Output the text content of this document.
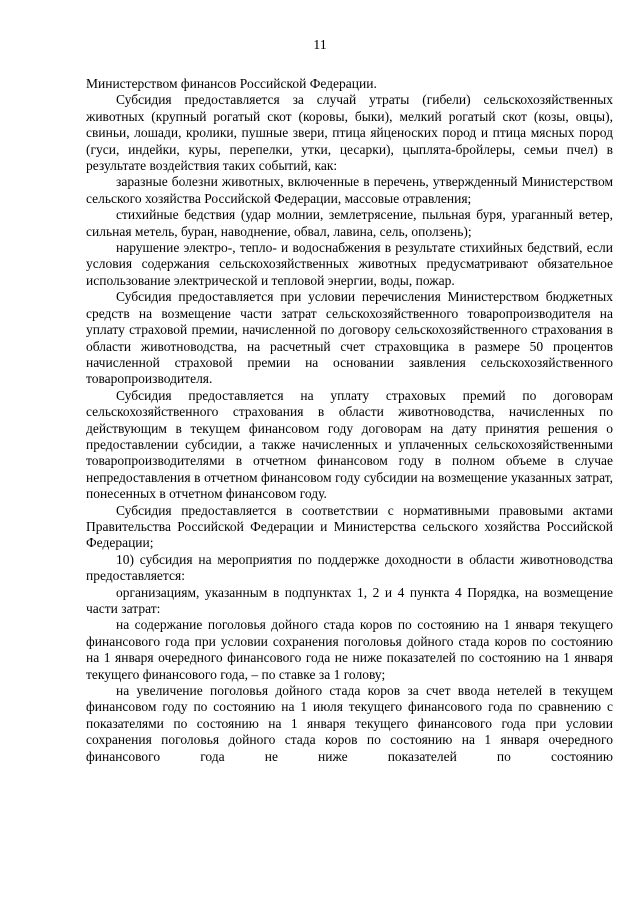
11

Министерством финансов Российской Федерации.

Субсидия предоставляется за случай утраты (гибели) сельскохозяйственных животных (крупный рогатый скот (коровы, быки), мелкий рогатый скот (козы, овцы), свиньи, лошади, кролики, пушные звери, птица яйценоских пород и птица мясных пород (гуси, индейки, куры, перепелки, утки, цесарки), цыплята-бройлеры, семьи пчел) в результате воздействия таких событий, как:

заразные болезни животных, включенные в перечень, утвержденный Министерством сельского хозяйства Российской Федерации, массовые отравления;

стихийные бедствия (удар молнии, землетрясение, пыльная буря, ураганный ветер, сильная метель, буран, наводнение, обвал, лавина, сель, оползень);

нарушение электро-, тепло- и водоснабжения в результате стихийных бедствий, если условия содержания сельскохозяйственных животных предусматривают обязательное использование электрической и тепловой энергии, воды, пожар.

Субсидия предоставляется при условии перечисления Министерством бюджетных средств на возмещение части затрат сельскохозяйственного товаропроизводителя на уплату страховой премии, начисленной по договору сельскохозяйственного страхования в области животноводства, на расчетный счет страховщика в размере 50 процентов начисленной страховой премии на основании заявления сельскохозяйственного товаропроизводителя.

Субсидия предоставляется на уплату страховых премий по договорам сельскохозяйственного страхования в области животноводства, начисленных по действующим в текущем финансовом году договорам на дату принятия решения о предоставлении субсидии, а также начисленных и уплаченных сельскохозяйственными товаропроизводителями в отчетном финансовом году в полном объеме в случае непредоставления в отчетном финансовом году субсидии на возмещение указанных затрат, понесенных в отчетном финансовом году.

Субсидия предоставляется в соответствии с нормативными правовыми актами Правительства Российской Федерации и Министерства сельского хозяйства Российской Федерации;

10) субсидия на мероприятия по поддержке доходности в области животноводства предоставляется:

организациям, указанным в подпунктах 1, 2 и 4 пункта 4 Порядка, на возмещение части затрат:

на содержание поголовья дойного стада коров по состоянию на 1 января текущего финансового года при условии сохранения поголовья дойного стада коров по состоянию на 1 января очередного финансового года не ниже показателей по состоянию на 1 января текущего финансового года, – по ставке за 1 голову;

на увеличение поголовья дойного стада коров за счет ввода нетелей в текущем финансовом году по состоянию на 1 июля текущего финансового года по сравнению с показателями по состоянию на 1 января текущего финансового года при условии сохранения поголовья дойного стада коров по состоянию на 1 января очередного финансового года не ниже показателей по состоянию
